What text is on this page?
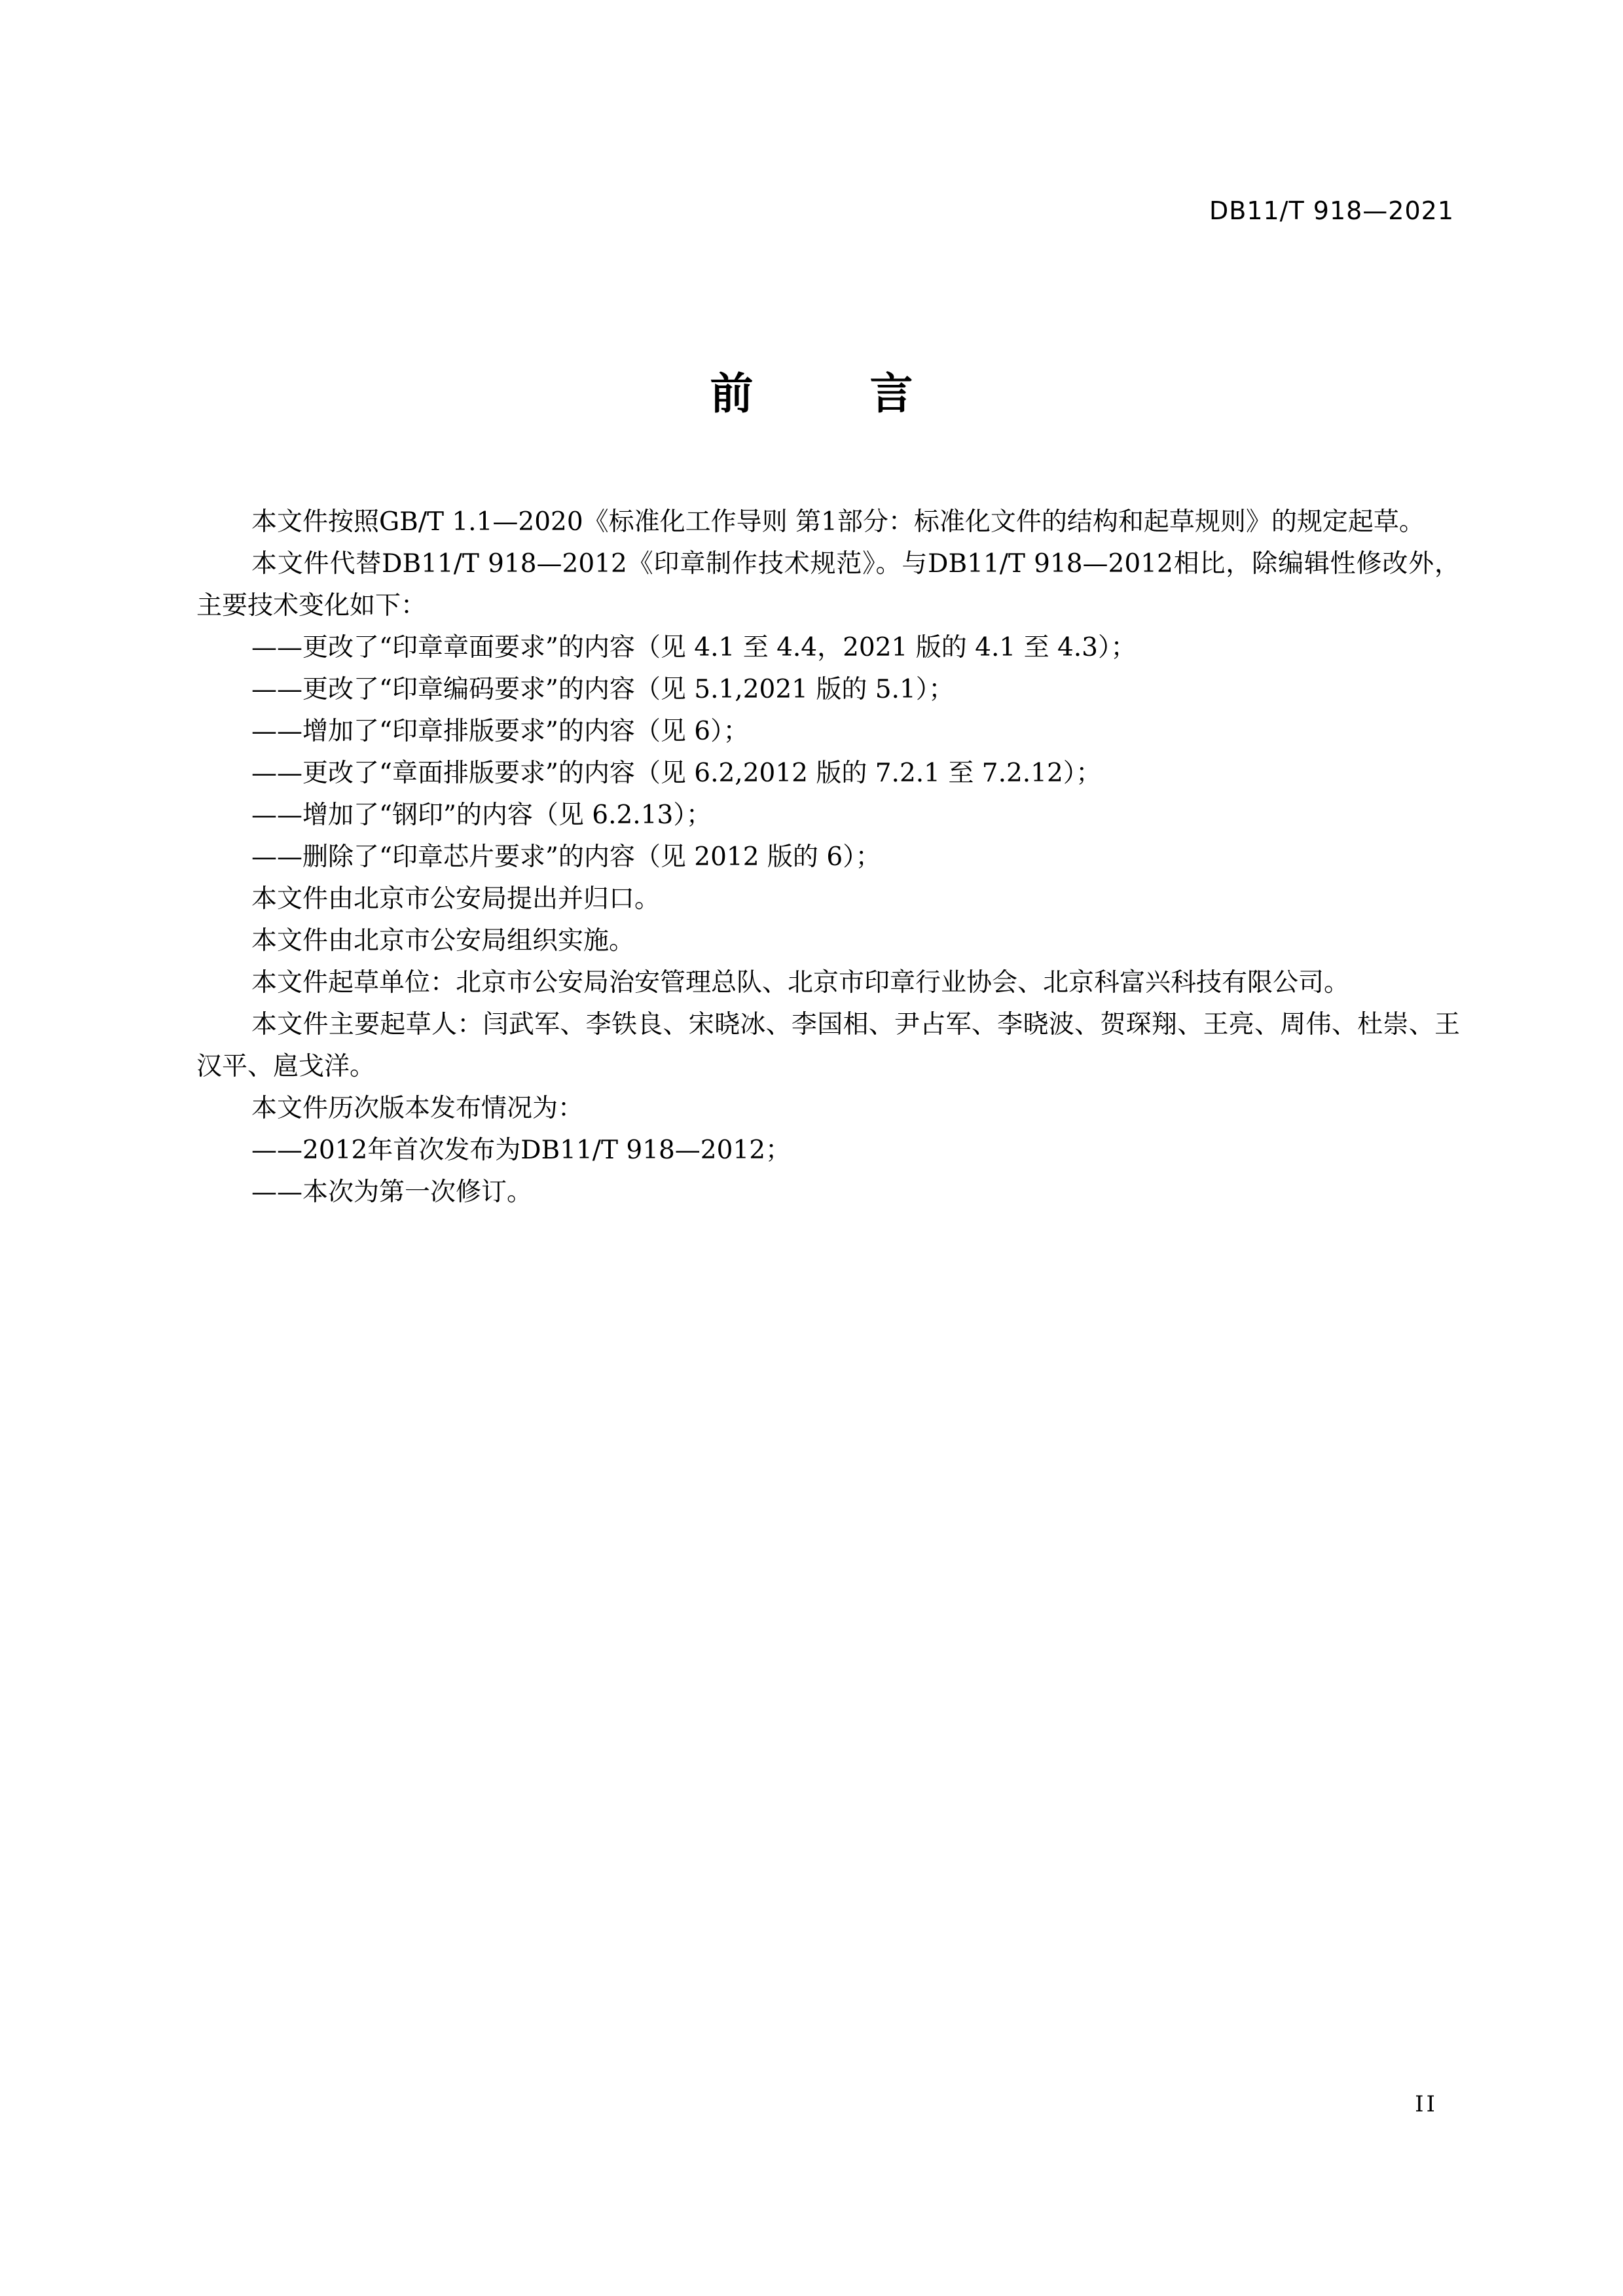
DB11/T 918—2021
前　言

本文件按照GB/T 1.1—2020《标准化工作导则 第1部分：标准化文件的结构和起草规则》的规定起草。

本文件代替DB11/T 918—2012《印章制作技术规范》。与DB11/T 918—2012相比，除编辑性修改外，主要技术变化如下：

——更改了“印章章面要求”的内容（见 4.1 至 4.4，2021 版的 4.1 至 4.3）；

——更改了“印章编码要求”的内容（见 5.1,2021 版的 5.1）；

——增加了“印章排版要求”的内容（见 6）；

——更改了“章面排版要求”的内容（见 6.2,2012 版的 7.2.1 至 7.2.12）；

——增加了“钢印”的内容（见 6.2.13）；

——删除了“印章芯片要求”的内容（见 2012 版的 6）；

本文件由北京市公安局提出并归口。

本文件由北京市公安局组织实施。

本文件起草单位：北京市公安局治安管理总队、北京市印章行业协会、北京科富兴科技有限公司。

本文件主要起草人：闫武军、李铁良、宋晓冰、李国相、尹占军、李晓波、贺琛翔、王亮、周伟、杜崇、王汉平、扈戈洋。

本文件历次版本发布情况为：

——2012年首次发布为DB11/T 918—2012；

——本次为第一次修订。

II
